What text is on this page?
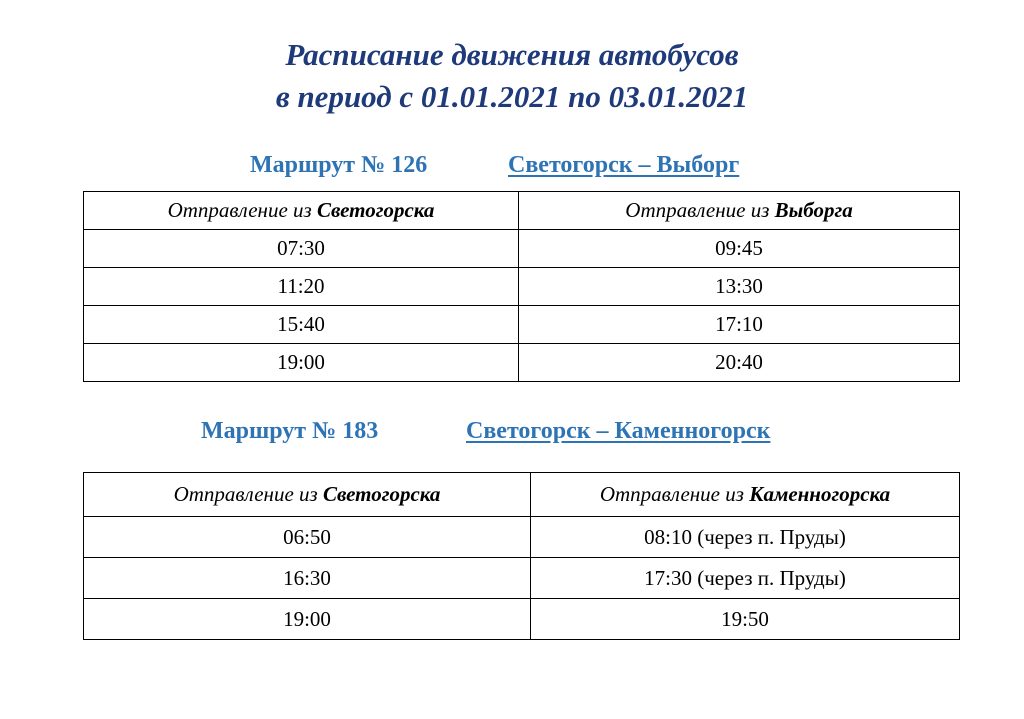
Расписание движения автобусов
в период с 01.01.2021 по 03.01.2021
Маршрут № 126	Светогорск – Выборг
Отправление из Светогорска	Отправление из Выборга
07:30	09:45
11:20	13:30
15:40	17:10
19:00	20:40
Маршрут № 183	Светогорск – Каменногорск
Отправление из Светогорска	Отправление из Каменногорска
06:50	08:10 (через п. Пруды)
16:30	17:30 (через п. Пруды)
19:00	19:50
